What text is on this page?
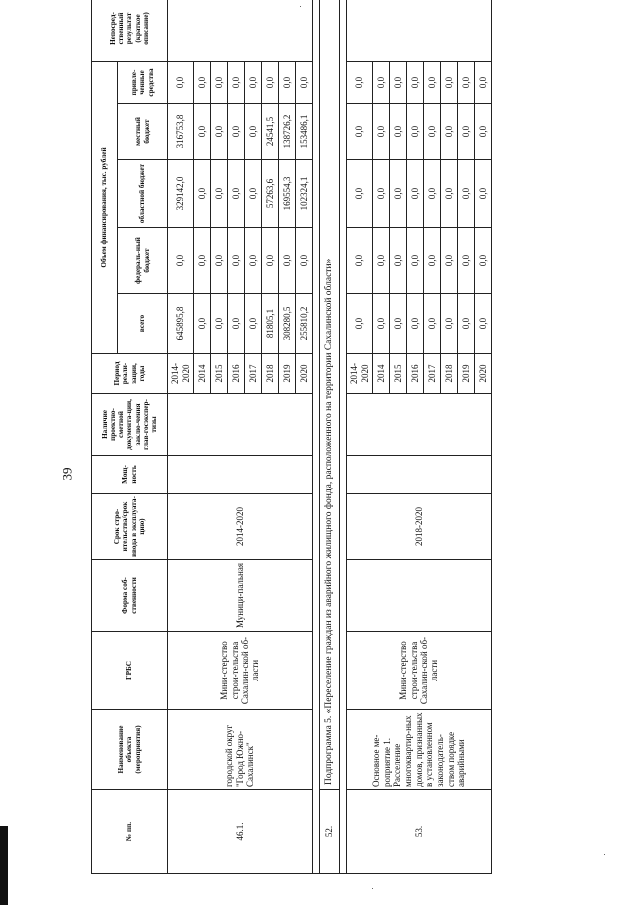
39
№ пп.	Наименование объекта (мероприятия)	ГРБС	Форма соб-ственности	Срок стро-ительства/срок ввода в эксплуата-цию)	Мощ-ность	Наличие проектно-сметной документа-ции, заклю-чения глав-госэкспер-тизы	Период реали-зации, годы	Объем финансирования, тыс. рублей					Непосред-ственный результат (краткое описание)	
								всего	федераль-ный бюджет	областной бюджет	местный бюджет	привле-ченные средства		
46.1.	городской округ "Город Южно-Сахалинск"	Мини-стерство строи-тельства Сахалин-ской об-ласти	Муници-пальная	2014-2020			2014-2020	645895,8	0,0	329142,0	316753,8	0,0		
							2014	0,0	0,0	0,0	0,0	0,0		
							2015	0,0	0,0	0,0	0,0	0,0		
							2016	0,0	0,0	0,0	0,0	0,0		
							2017	0,0	0,0	0,0	0,0	0,0		
							2018	81805,1	0,0	57263,6	24541,5	0,0		
							2019	308280,5	0,0	169554,3	138726,2	0,0		
							2020	255810,2	0,0	102324,1	153486,1	0,0		

52.	Подпрограмма 5. «Переселение граждан из аварийного жилищного фонда, расположенного на территории Сахалинской области»													

53.	Основное ме-роприятие 1. Расселение многоквартир-ных домов, признанных в установленном законодатель-ством порядке аварийными	Мини-стерство строи-тельства Сахалин-ской об-ласти		2018-2020			2014-2020	0,0	0,0	0,0	0,0	0,0		
							2014	0,0	0,0	0,0	0,0	0,0		
							2015	0,0	0,0	0,0	0,0	0,0		
							2016	0,0	0,0	0,0	0,0	0,0		
							2017	0,0	0,0	0,0	0,0	0,0		
							2018	0,0	0,0	0,0	0,0	0,0		
							2019	0,0	0,0	0,0	0,0	0,0		
							2020	0,0	0,0	0,0	0,0	0,0		
